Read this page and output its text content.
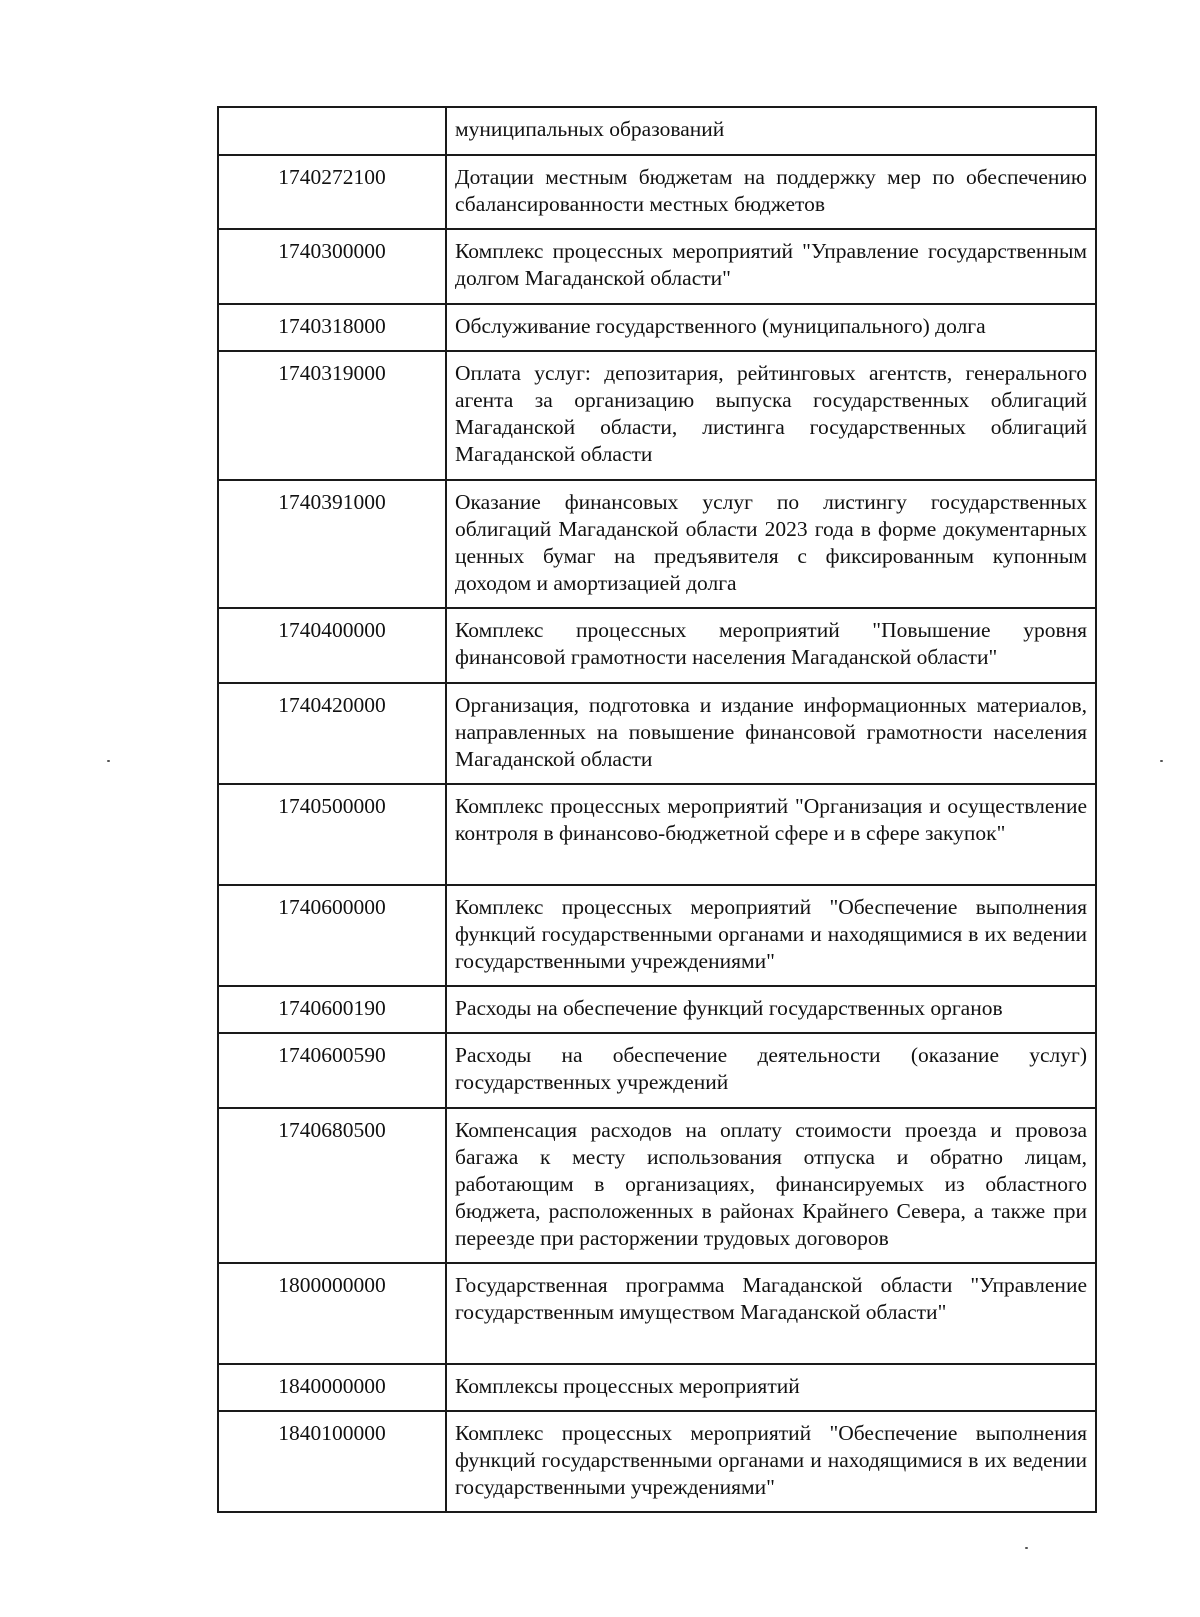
	муниципальных образований
1740272100	Дотации местным бюджетам на поддержку мер по обеспечению сбалансированности местных бюджетов
1740300000	Комплекс процессных мероприятий "Управление государственным долгом Магаданской области"
1740318000	Обслуживание государственного (муниципального) долга
1740319000	Оплата услуг: депозитария, рейтинговых агентств, генерального агента за организацию выпуска государственных облигаций Магаданской области, листинга государственных облигаций Магаданской области
1740391000	Оказание финансовых услуг по листингу государственных облигаций Магаданской области 2023 года в форме документарных ценных бумаг на предъявителя с фиксированным купонным доходом и амортизацией долга
1740400000	Комплекс процессных мероприятий "Повышение уровня финансовой грамотности населения Магаданской области"
1740420000	Организация, подготовка и издание информационных материалов, направленных на повышение финансовой грамотности населения Магаданской области
1740500000	Комплекс процессных мероприятий "Организация и осуществление контроля в финансово-бюджетной сфере и в сфере закупок"
1740600000	Комплекс процессных мероприятий "Обеспечение выполнения функций государственными органами и находящимися в их ведении государственными учреждениями"
1740600190	Расходы на обеспечение функций государственных органов
1740600590	Расходы на обеспечение деятельности (оказание услуг) государственных учреждений
1740680500	Компенсация расходов на оплату стоимости проезда и провоза багажа к месту использования отпуска и обратно лицам, работающим в организациях, финансируемых из областного бюджета, расположенных в районах Крайнего Севера, а также при переезде при расторжении трудовых договоров
1800000000	Государственная программа Магаданской области "Управление государственным имуществом Магаданской области"
1840000000	Комплексы процессных мероприятий
1840100000	Комплекс процессных мероприятий "Обеспечение выполнения функций государственными органами и находящимися в их ведении государственными учреждениями"
